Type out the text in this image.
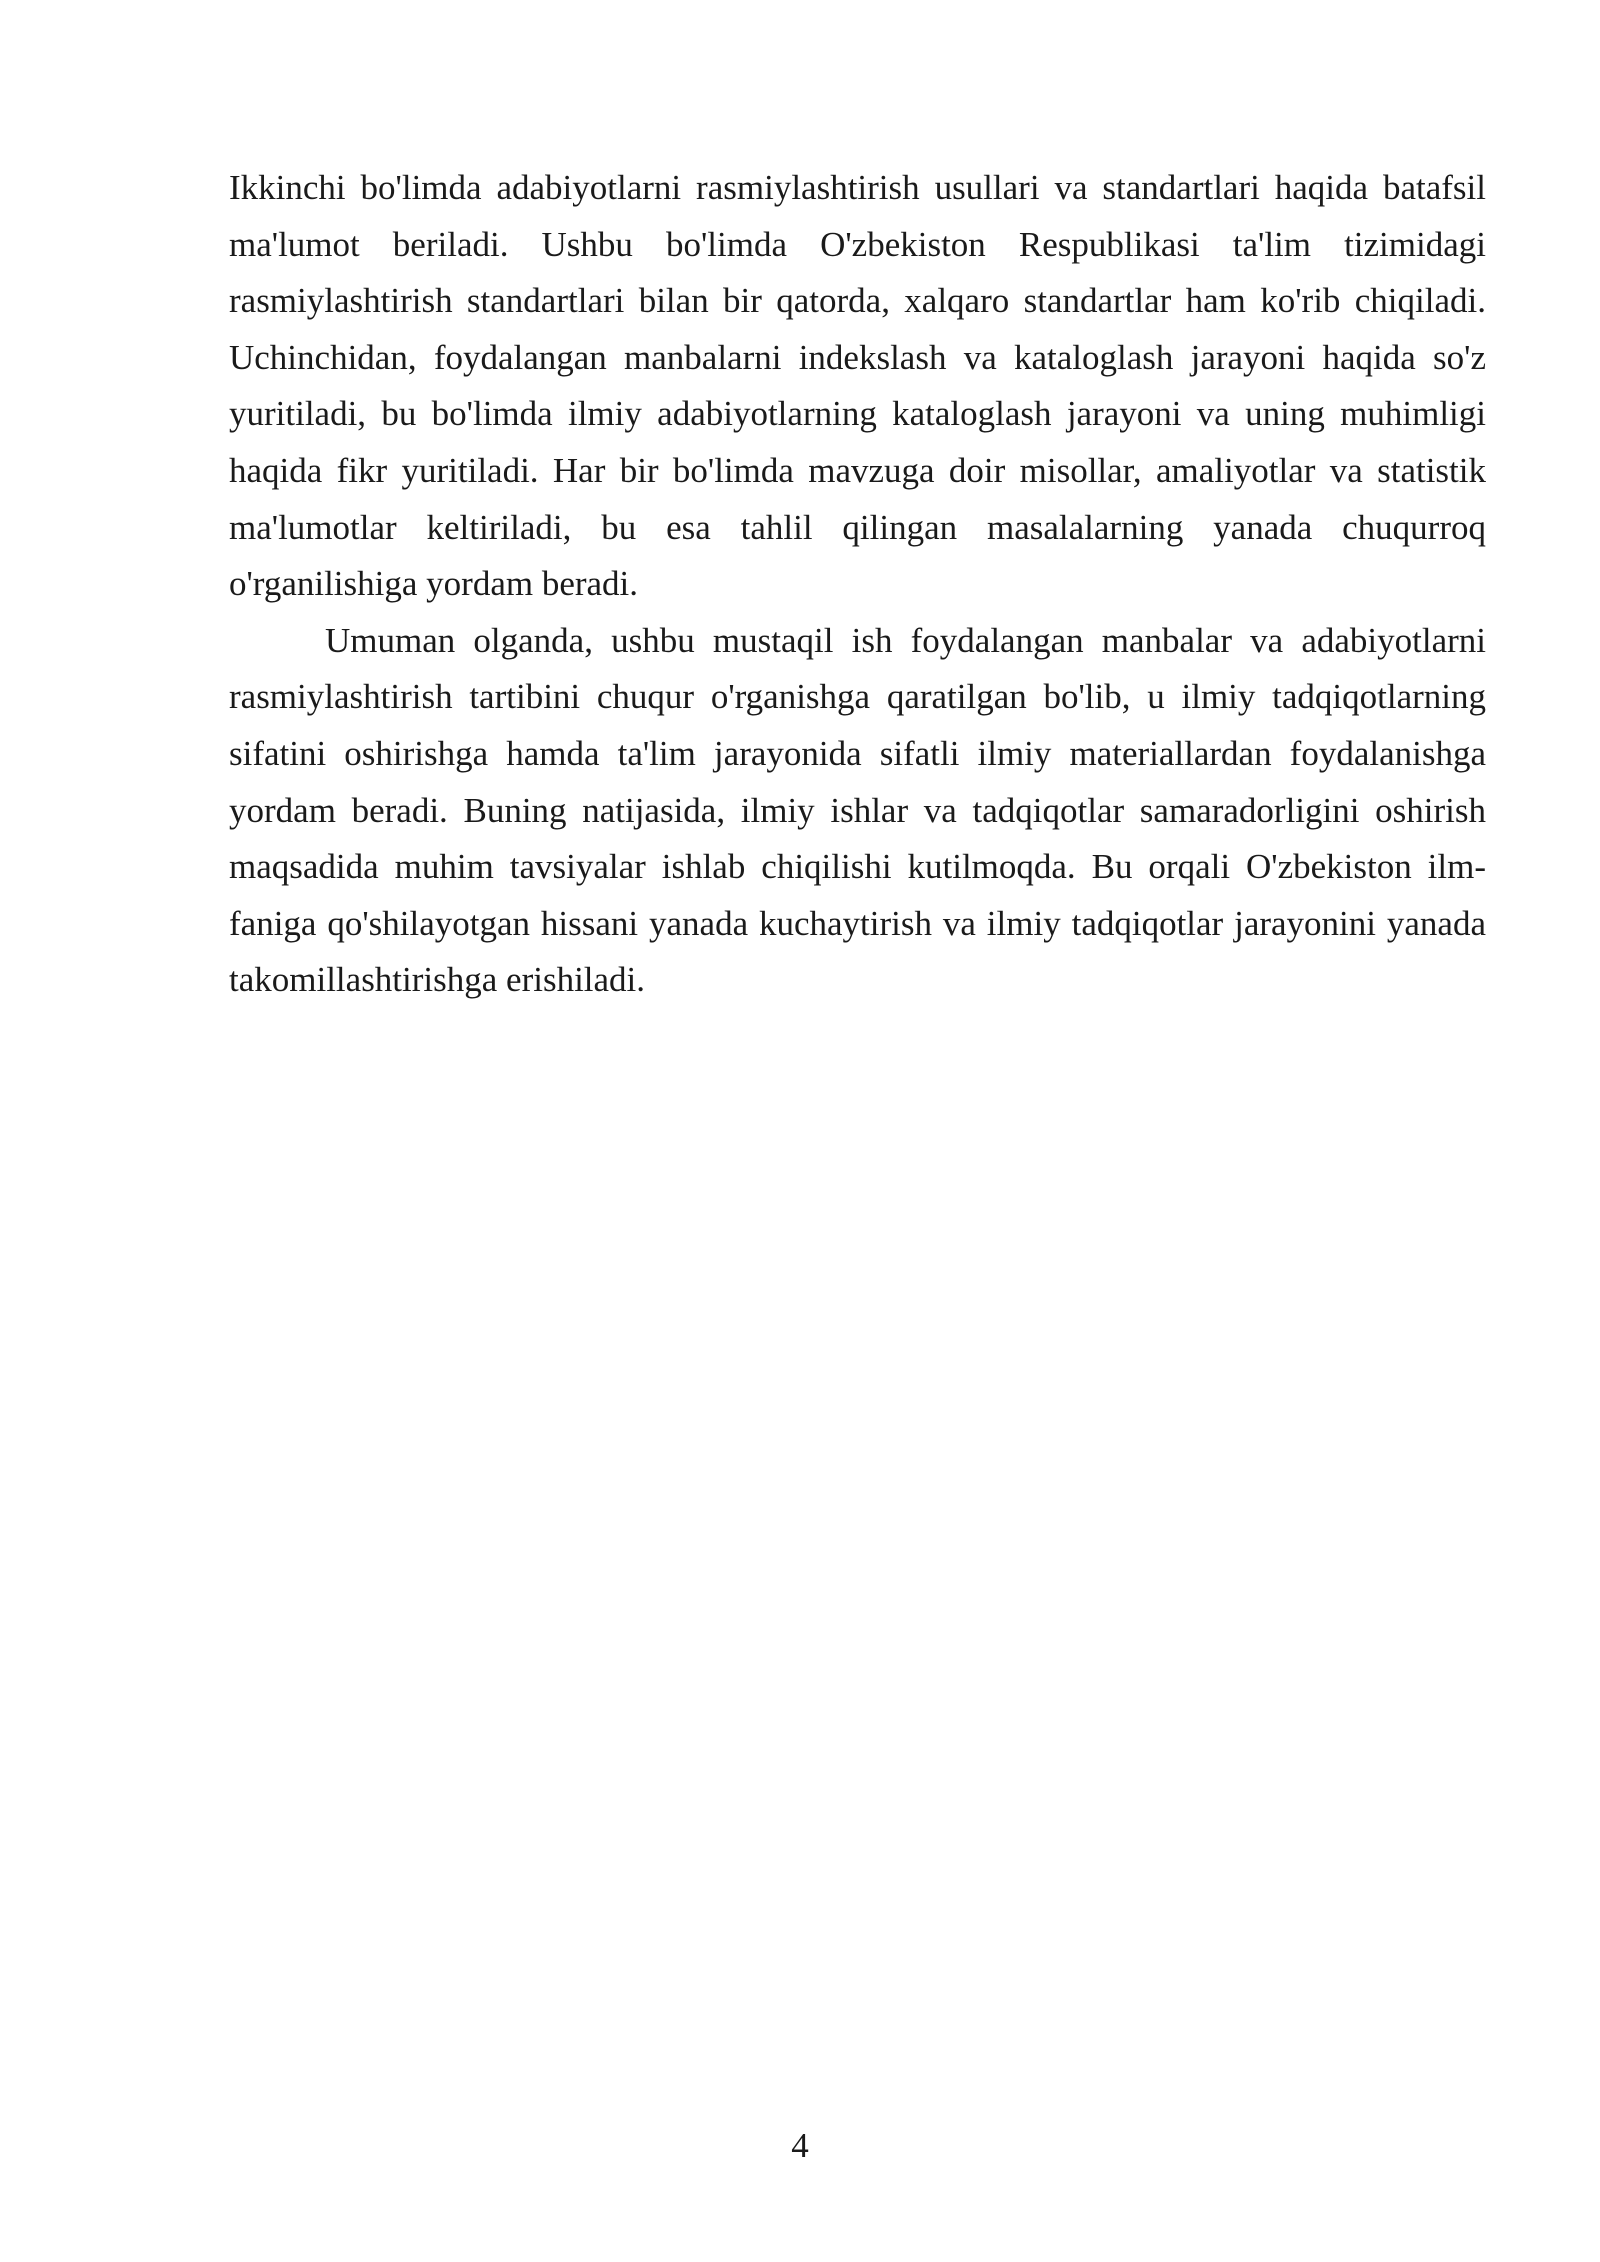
Ikkinchi bo'limda adabiyotlarni rasmiylashtirish usullari va standartlari haqida batafsil ma'lumot beriladi. Ushbu bo'limda O'zbekiston Respublikasi ta'lim tizimidagi rasmiylashtirish standartlari bilan bir qatorda, xalqaro standartlar ham ko'rib chiqiladi. Uchinchidan, foydalangan manbalarni indekslash va kataloglash jarayoni haqida so'z yuritiladi, bu bo'limda ilmiy adabiyotlarning kataloglash jarayoni va uning muhimligi haqida fikr yuritiladi. Har bir bo'limda mavzuga doir misollar, amaliyotlar va statistik ma'lumotlar keltiriladi, bu esa tahlil qilingan masalalarning yanada chuqurroq o'rganilishiga yordam beradi.

Umuman olganda, ushbu mustaqil ish foydalangan manbalar va adabiyotlarni rasmiylashtirish tartibini chuqur o'rganishga qaratilgan bo'lib, u ilmiy tadqiqotlarning sifatini oshirishga hamda ta'lim jarayonida sifatli ilmiy materiallardan foydalanishga yordam beradi. Buning natijasida, ilmiy ishlar va tadqiqotlar samaradorligini oshirish maqsadida muhim tavsiyalar ishlab chiqilishi kutilmoqda. Bu orqali O'zbekiston ilm-faniga qo'shilayotgan hissani yanada kuchaytirish va ilmiy tadqiqotlar jarayonini yanada takomillashtirishga erishiladi.

4
